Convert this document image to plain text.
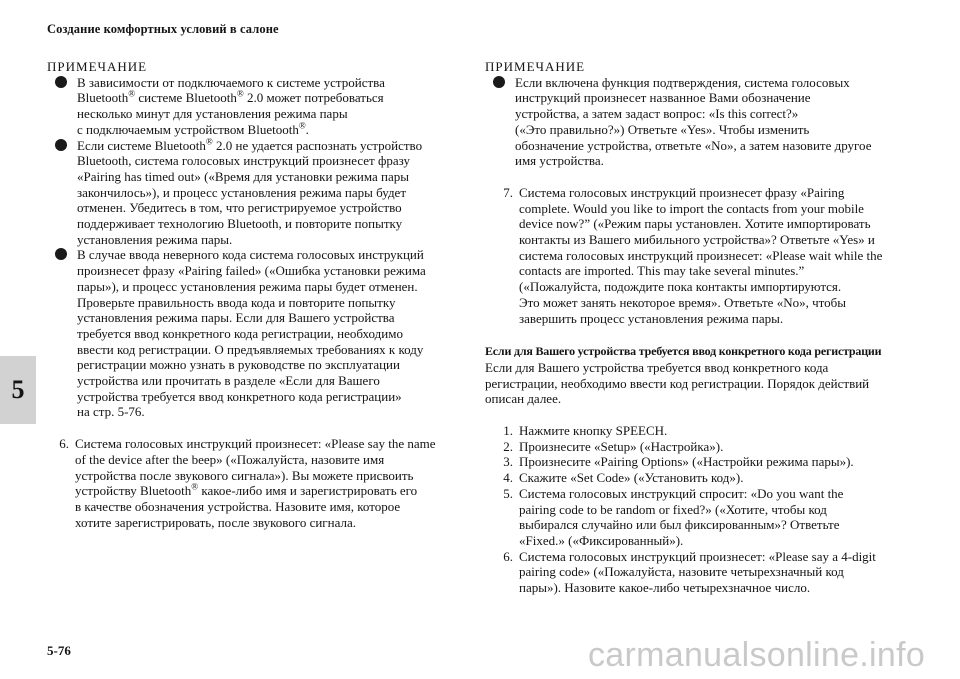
Создание комфортных условий в салоне
5
ПРИМЕЧАНИЕ
В зависимости от подключаемого к системе устройства
Bluetooth® системе Bluetooth® 2.0 может потребоваться
несколько минут для установления режима пары
с подключаемым устройством Bluetooth®.
Если системе Bluetooth® 2.0 не удается распознать устройство
Bluetooth, система голосовых инструкций произнесет фразу
«Pairing has timed out» («Время для установки режима пары
закончилось»), и процесс установления режима пары будет
отменен. Убедитесь в том, что регистрируемое устройство
поддерживает технологию Bluetooth, и повторите попытку
установления режима пары.
В случае ввода неверного кода система голосовых инструкций
произнесет фразу «Pairing failed» («Ошибка установки режима
пары»), и процесс установления режима пары будет отменен.
Проверьте правильность ввода кода и повторите попытку
установления режима пары. Если для Вашего устройства
требуется ввод конкретного кода регистрации, необходимо
ввести код регистрации. О предъявляемых требованиях к коду
регистрации можно узнать в руководстве по эксплуатации
устройства или прочитать в разделе «Если для Вашего
устройства требуется ввод конкретного кода регистрации»
на стр. 5-76.
6. Система голосовых инструкций произнесет: «Please say the name
of the device after the beep» («Пожалуйста, назовите имя
устройства после звукового сигнала»). Вы можете присвоить
устройству Bluetooth® какое-либо имя и зарегистрировать его
в качестве обозначения устройства. Назовите имя, которое
хотите зарегистрировать, после звукового сигнала.
ПРИМЕЧАНИЕ
Если включена функция подтверждения, система голосовых
инструкций произнесет названное Вами обозначение
устройства, а затем задаст вопрос: «Is this correct?»
(«Это правильно?») Ответьте «Yes». Чтобы изменить
обозначение устройства, ответьте «No», а затем назовите другое
имя устройства.
7. Система голосовых инструкций произнесет фразу «Pairing
complete. Would you like to import the contacts from your mobile
device now?” («Режим пары установлен. Хотите импортировать
контакты из Вашего мибильного устройства»? Ответьте «Yes» и
система голосовых инструкций произнесет: «Please wait while the
contacts are imported. This may take several minutes.”
(«Пожалуйста, подождите пока контакты импортируются.
Это может занять некоторое время». Ответьте «No», чтобы
завершить процесс установления режима пары.
Если для Вашего устройства требуется ввод конкретного кода регистрации
Если для Вашего устройства требуется ввод конкретного кода
регистрации, необходимо ввести код регистрации. Порядок действий
описан далее.
1. Нажмите кнопку SPEECH.
2. Произнесите «Setup» («Настройка»).
3. Произнесите «Pairing Options» («Настройки режима пары»).
4. Скажите «Set Code» («Установить код»).
5. Система голосовых инструкций спросит: «Do you want the
pairing code to be random or fixed?» («Хотите, чтобы код
выбирался случайно или был фиксированным»? Ответьте
«Fixed.» («Фиксированный»).
6. Система голосовых инструкций произнесет: «Please say a 4-digit
pairing code» («Пожалуйста, назовите четырехзначный код
пары»). Назовите какое-либо четырехзначное число.
5-76	carmanualsonline.info
